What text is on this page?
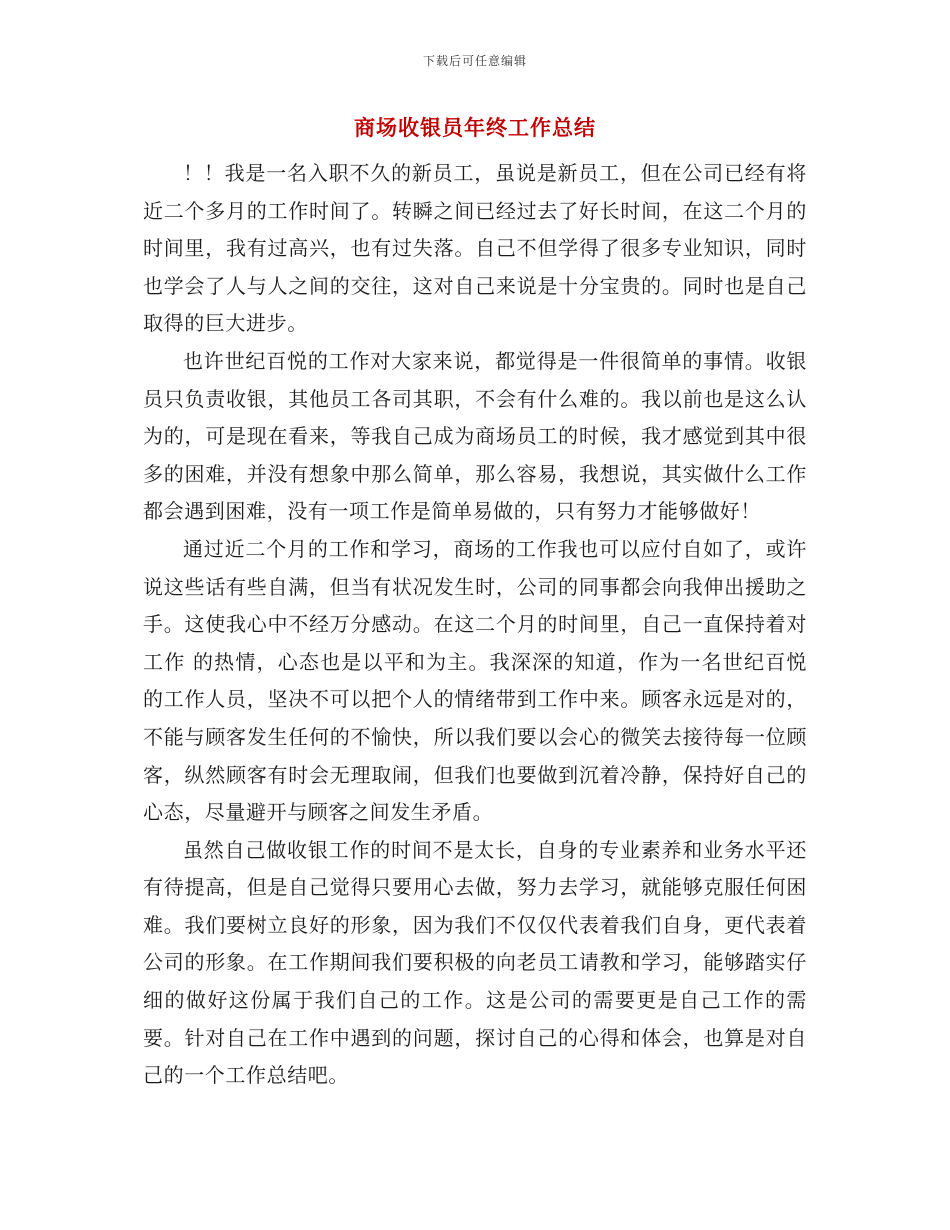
下载后可任意编辑
商场收银员年终工作总结

！！我是一名入职不久的新员工，虽说是新员工，但在公司已经有将近二个多月的工作时间了。转瞬之间已经过去了好长时间，在这二个月的时间里，我有过高兴，也有过失落。自己不但学得了很多专业知识，同时也学会了人与人之间的交往，这对自己来说是十分宝贵的。同时也是自己取得的巨大进步。

也许世纪百悦的工作对大家来说，都觉得是一件很简单的事情。收银员只负责收银，其他员工各司其职，不会有什么难的。我以前也是这么认为的，可是现在看来，等我自己成为商场员工的时候，我才感觉到其中很多的困难，并没有想象中那么简单，那么容易，我想说，其实做什么工作都会遇到困难，没有一项工作是简单易做的，只有努力才能够做好！

通过近二个月的工作和学习，商场的工作我也可以应付自如了，或许说这些话有些自满，但当有状况发生时，公司的同事都会向我伸出援助之手。这使我心中不经万分感动。在这二个月的时间里，自己一直保持着对工作 的热情，心态也是以平和为主。我深深的知道，作为一名世纪百悦的工作人员，坚决不可以把个人的情绪带到工作中来。顾客永远是对的，不能与顾客发生任何的不愉快，所以我们要以会心的微笑去接待每一位顾客，纵然顾客有时会无理取闹，但我们也要做到沉着冷静，保持好自己的心态，尽量避开与顾客之间发生矛盾。

虽然自己做收银工作的时间不是太长，自身的专业素养和业务水平还有待提高，但是自己觉得只要用心去做，努力去学习，就能够克服任何困难。我们要树立良好的形象，因为我们不仅仅代表着我们自身，更代表着公司的形象。在工作期间我们要积极的向老员工请教和学习，能够踏实仔细的做好这份属于我们自己的工作。这是公司的需要更是自己工作的需要。针对自己在工作中遇到的问题，探讨自己的心得和体会，也算是对自己的一个工作总结吧。
